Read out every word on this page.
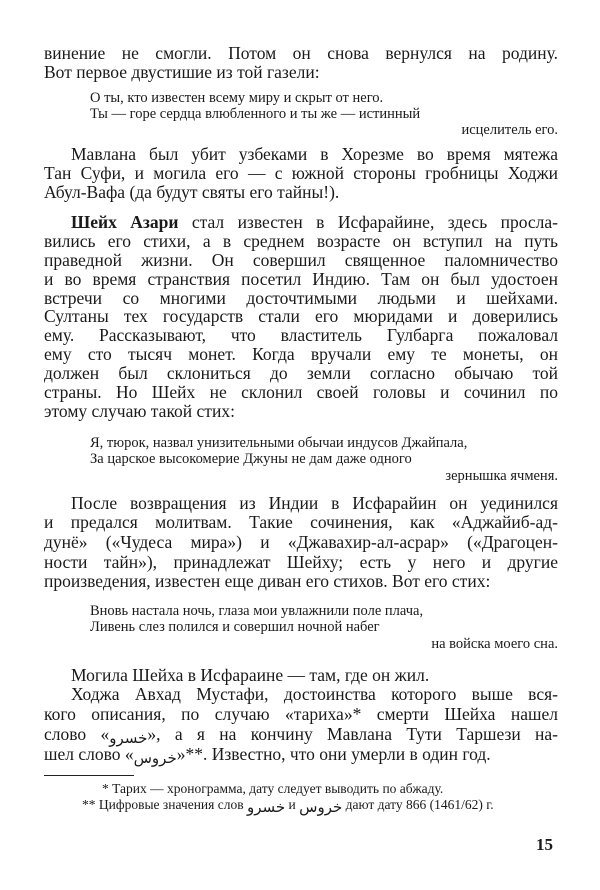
15
винение не смогли. Потом он снова вернулся на родину.
Вот первое двустишие из той газели:
О ты, кто известен всему миру и скрыт от него.
Ты — горе сердца влюбленного и ты же — истинный
исцелитель его.
Мавлана был убит узбеками в Хорезме во время мятежа
Тан Суфи, и могила его — с южной стороны гробницы Ходжи
Абул-Вафа (да будут святы его тайны!).
Шейх Азари стал известен в Исфарайине, здесь просла-
вились его стихи, а в среднем возрасте он вступил на путь
праведной жизни. Он совершил священное паломничество
и во время странствия посетил Индию. Там он был удостоен
встречи со многими досточтимыми людьми и шейхами.
Султаны тех государств стали его мюридами и доверились
ему. Рассказывают, что властитель Гулбарга пожаловал
ему сто тысяч монет. Когда вручали ему те монеты, он
должен был склониться до земли согласно обычаю той
страны. Но Шейх не склонил своей головы и сочинил по
этому случаю такой стих:
Я, тюрок, назвал унизительными обычаи индусов Джайпала,
За царское высокомерие Джуны не дам даже одного
зернышка ячменя.
После возвращения из Индии в Исфарайин он уединился
и предался молитвам. Такие сочинения, как «Аджайиб-ад-
дунё» («Чудеса мира») и «Джавахир-ал-асрар» («Драгоцен-
ности тайн»), принадлежат Шейху; есть у него и другие
произведения, известен еще диван его стихов. Вот его стих:
Вновь настала ночь, глаза мои увлажнили поле плача,
Ливень слез полился и совершил ночной набег
на войска моего сна.
Могила Шейха в Исфараине — там, где он жил.
Ходжа Авхад Мустафи, достоинства которого выше вся-
кого описания, по случаю «тариха»* смерти Шейха нашел
слово «خسرو», а я на кончину Мавлана Тути Таршези на-
шел слово «خروس»**. Известно, что они умерли в один год.
* Тарих — хронограмма, дату следует выводить по абжаду.
** Цифровые значения слов خسرو и خروس дают дату 866 (1461/62) г.
